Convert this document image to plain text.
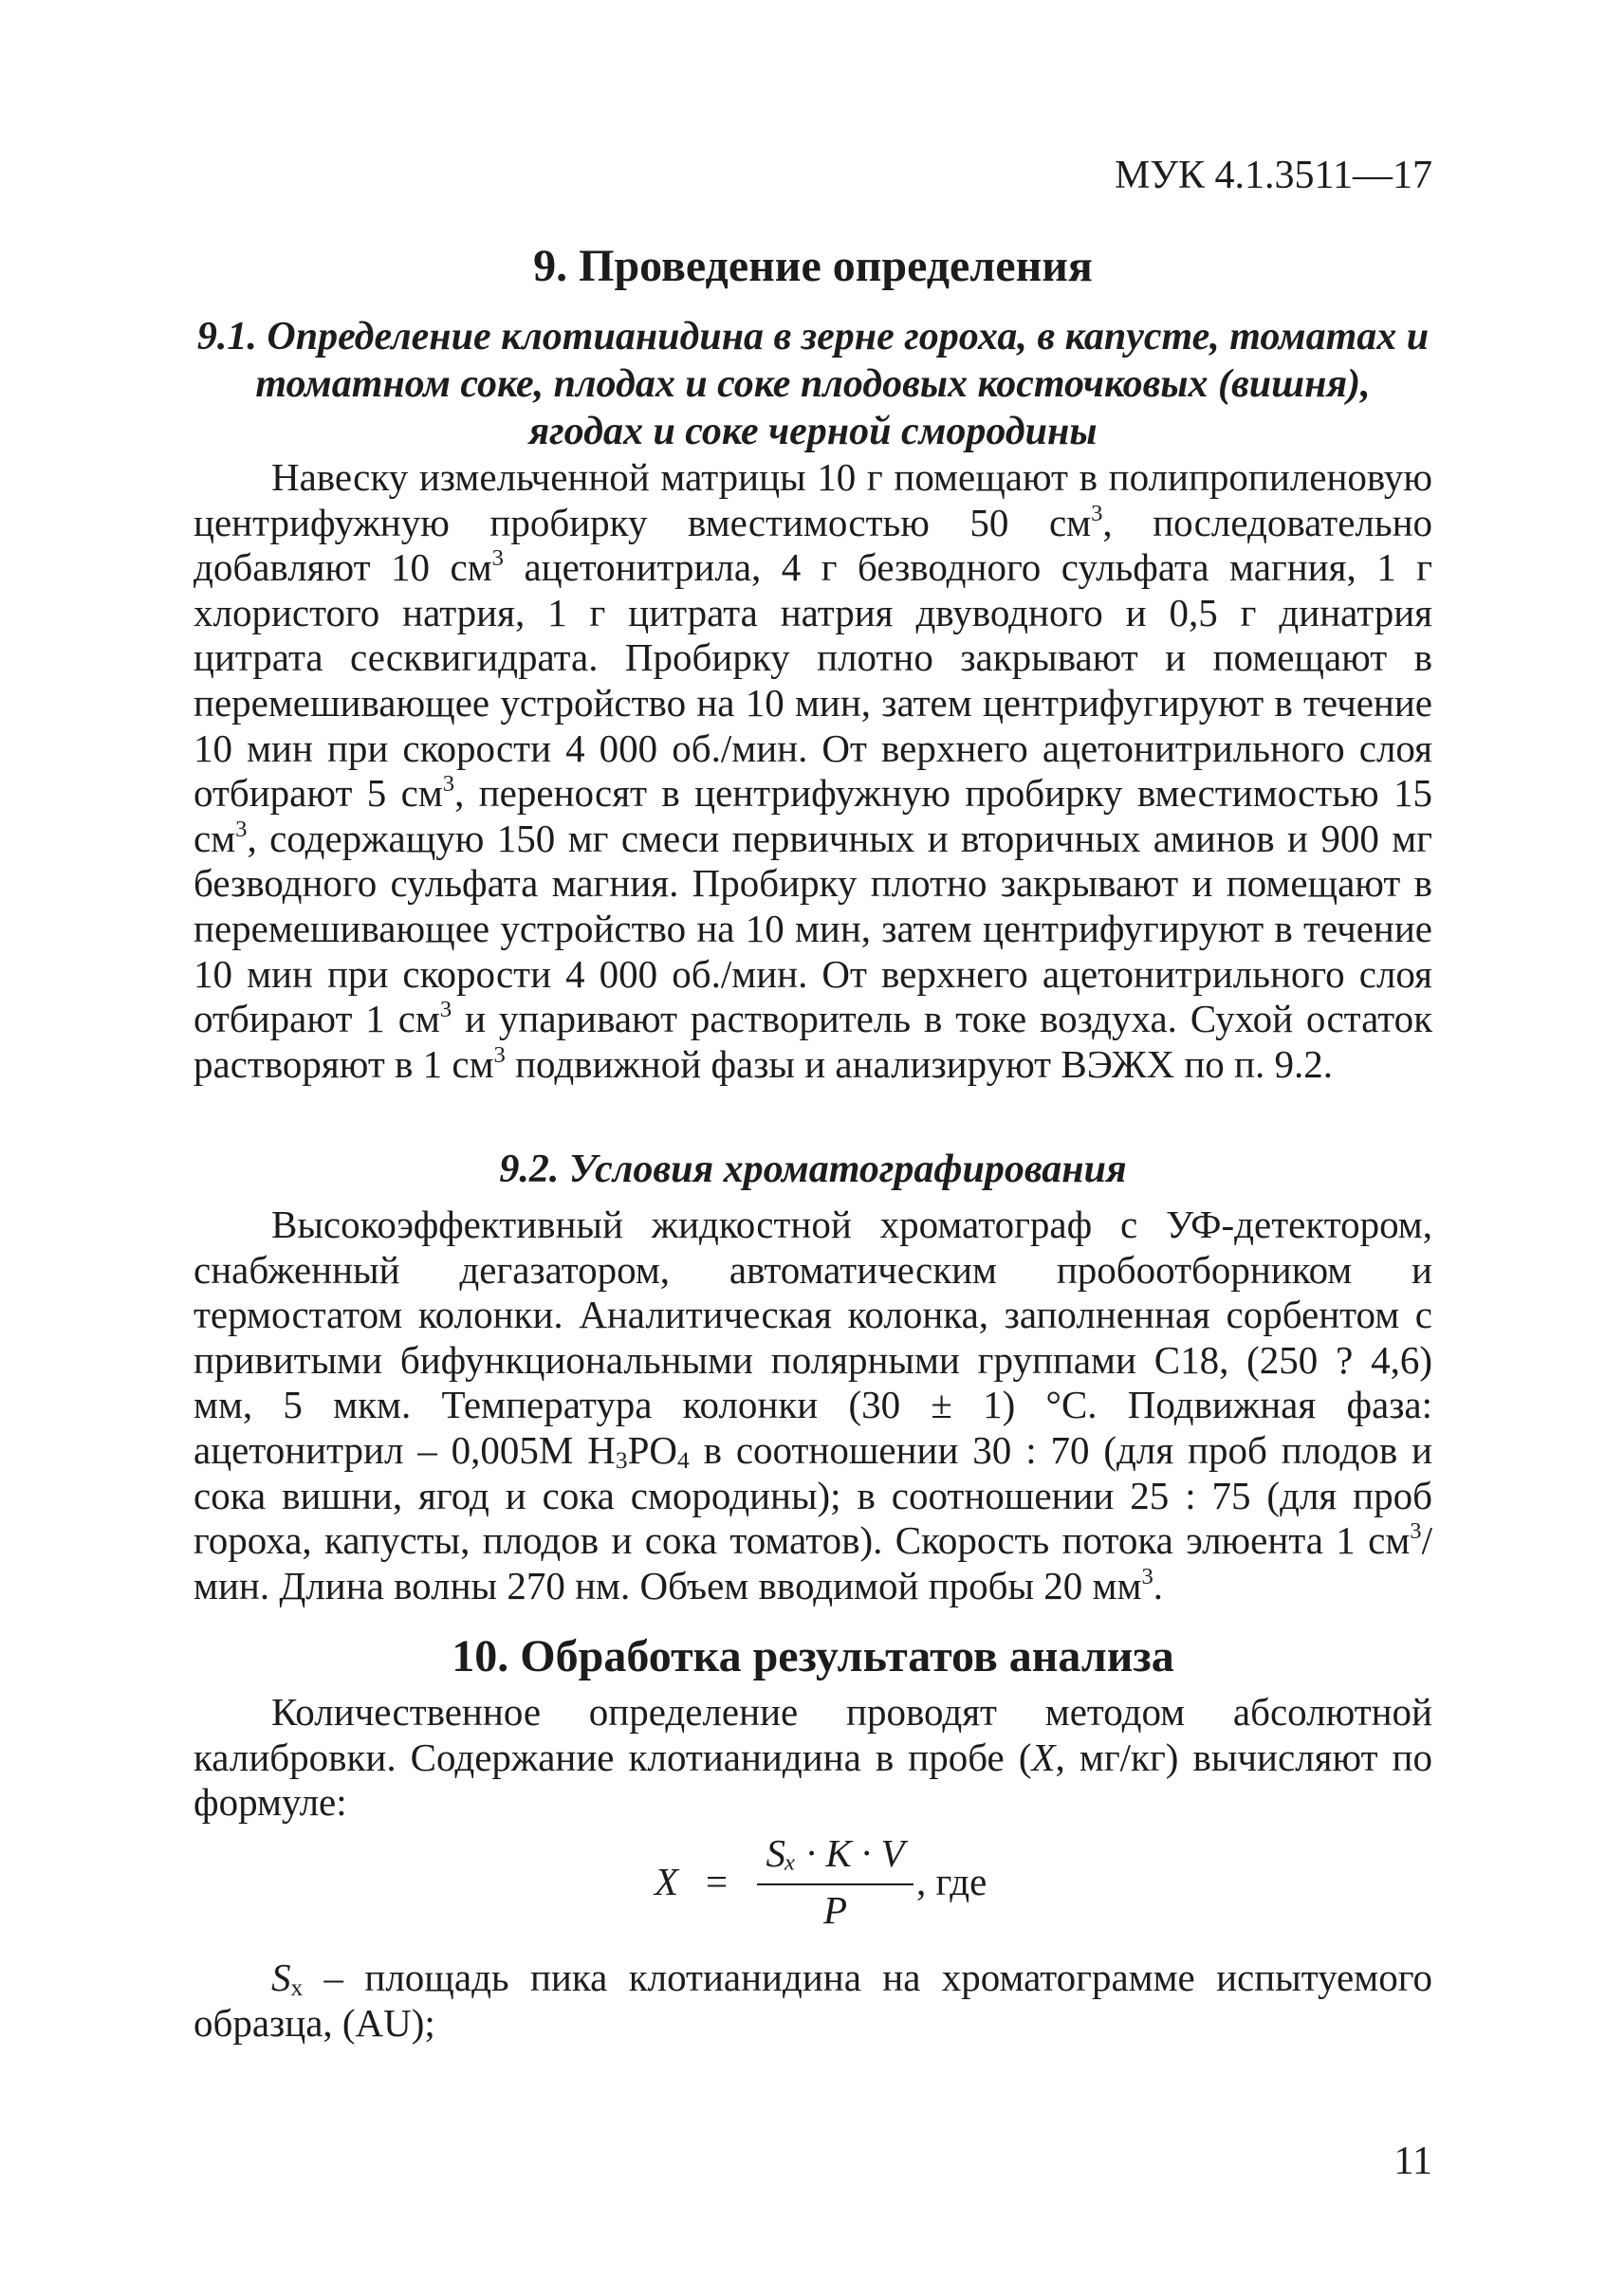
МУК 4.1.3511—17
9. Проведение определения
9.1. Определение клотианидина в зерне гороха, в капусте, томатах и томатном соке, плодах и соке плодовых косточковых (вишня), ягодах и соке черной смородины

Навеску измельченной матрицы 10 г помещают в полипропиленовую центрифужную пробирку вместимостью 50 $см^3$, последовательно добавляют 10 $см^3$ ацетонитрила, 4 г безводного сульфата магния, 1 г хлористого натрия, 1 г цитрата натрия двуводного и 0,5 г динатрия цитрата сесквигидрата. Пробирку плотно закрывают и помещают в перемешивающее устройство на 10 мин, затем центрифугируют в течение 10 мин при скорости 4 000 об./мин. От верхнего ацетонитрильного слоя отбирают 5 $см^3$, переносят в центрифужную пробирку вместимостью 15 $см^3$, содержащую 150 мг смеси первичных и вторичных аминов и 900 мг безводного сульфата магния. Пробирку плотно закрывают и помещают в перемешивающее устройство на 10 мин, затем центрифугируют в течение 10 мин при скорости 4 000 об./мин. От верхнего ацетонитрильного слоя отбирают 1 $см^3$ и упаривают растворитель в токе воздуха. Сухой остаток растворяют в 1 $см^3$ подвижной фазы и анализируют ВЭЖХ по п. 9.2.

9.2. Условия хроматографирования

Высокоэффективный жидкостной хроматограф с УФ-детектором, снабженный дегазатором, автоматическим пробоотборником и термостатом колонки. Аналитическая колонка, заполненная сорбентом с привитыми бифункциональными полярными группами С18, (250 ? 4,6) мм, 5 мкм. Температура колонки (30 ± 1) °С. Подвижная фаза: ацетонитрил – 0,005М $H_3PO_4$ в соотношении 30 : 70 (для проб плодов и сока вишни, ягод и сока смородины); в соотношении 25 : 75 (для проб гороха, капусты, плодов и сока томатов). Скорость потока элюента 1 $см^3$/мин. Длина волны 270 нм. Объем вводимой пробы 20 $мм^3$.

10. Обработка результатов анализа

Количественное определение проводят методом абсолютной калибровки. Содержание клотианидина в пробе (X, мг/кг) вычисляют по формуле:

X =
Sₓ · K · V
P
, где

$S_x$ – площадь пика клотианидина на хроматограмме испытуемого образца, (AU);

11
